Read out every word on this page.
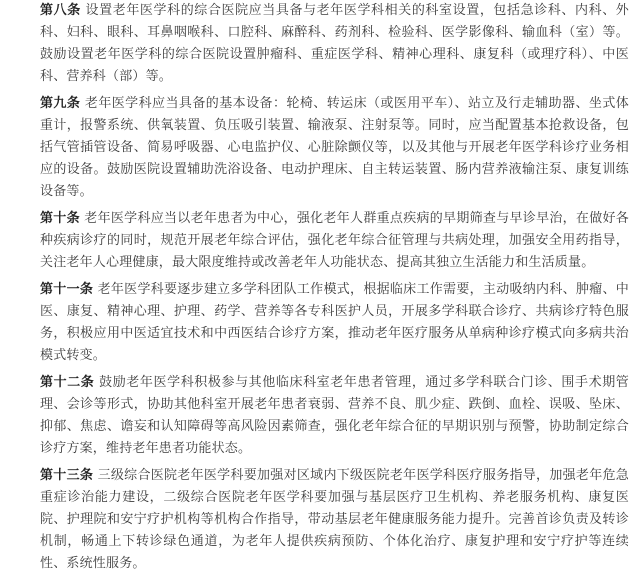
第八条 设置老年医学科的综合医院应当具备与老年医学科相关的科室设置，包括急诊科、内科、外科、妇科、眼科、耳鼻咽喉科、口腔科、麻醉科、药剂科、检验科、医学影像科、输血科（室）等。鼓励设置老年医学科的综合医院设置肿瘤科、重症医学科、精神心理科、康复科（或理疗科）、中医科、营养科（部）等。

第九条 老年医学科应当具备的基本设备：轮椅、转运床（或医用平车）、站立及行走辅助器、坐式体重计，报警系统、供氧装置、负压吸引装置、输液泵、注射泵等。同时，应当配置基本抢救设备，包括气管插管设备、简易呼吸器、心电监护仪、心脏除颤仪等，以及其他与开展老年医学科诊疗业务相应的设备。鼓励医院设置辅助洗浴设备、电动护理床、自主转运装置、肠内营养液输注泵、康复训练设备等。

第十条 老年医学科应当以老年患者为中心，强化老年人群重点疾病的早期筛查与早诊早治，在做好各种疾病诊疗的同时，规范开展老年综合评估，强化老年综合征管理与共病处理，加强安全用药指导，关注老年人心理健康，最大限度维持或改善老年人功能状态、提高其独立生活能力和生活质量。

第十一条 老年医学科要逐步建立多学科团队工作模式，根据临床工作需要，主动吸纳内科、肿瘤、中医、康复、精神心理、护理、药学、营养等各专科医护人员，开展多学科联合诊疗、共病诊疗特色服务，积极应用中医适宜技术和中西医结合诊疗方案，推动老年医疗服务从单病种诊疗模式向多病共治模式转变。

第十二条 鼓励老年医学科积极参与其他临床科室老年患者管理，通过多学科联合门诊、围手术期管理、会诊等形式，协助其他科室开展老年患者衰弱、营养不良、肌少症、跌倒、血栓、误吸、坠床、抑郁、焦虑、谵妄和认知障碍等高风险因素筛查，强化老年综合征的早期识别与预警，协助制定综合诊疗方案，维持老年患者功能状态。

第十三条 三级综合医院老年医学科要加强对区域内下级医院老年医学科医疗服务指导，加强老年危急重症诊治能力建设，二级综合医院老年医学科要加强与基层医疗卫生机构、养老服务机构、康复医院、护理院和安宁疗护机构等机构合作指导，带动基层老年健康服务能力提升。完善首诊负责及转诊机制，畅通上下转诊绿色通道，为老年人提供疾病预防、个体化治疗、康复护理和安宁疗护等连续性、系统性服务。
